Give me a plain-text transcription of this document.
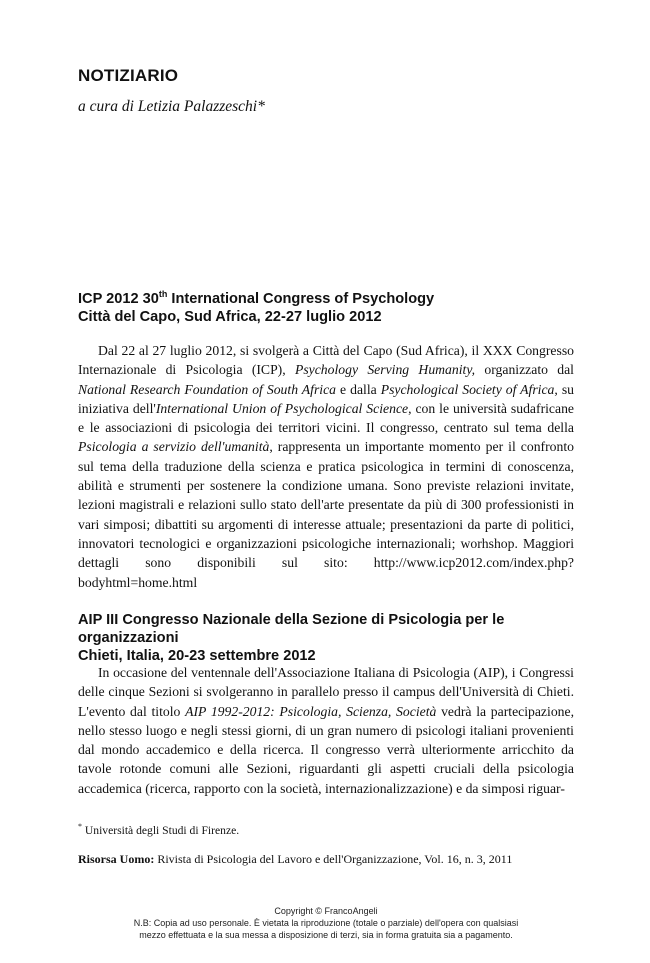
NOTIZIARIO
a cura di Letizia Palazzeschi*
ICP 2012 30th International Congress of Psychology
Città del Capo, Sud Africa, 22-27 luglio 2012

Dal 22 al 27 luglio 2012, si svolgerà a Città del Capo (Sud Africa), il XXX Congresso Internazionale di Psicologia (ICP), Psychology Serving Humanity, organizzato dal National Research Foundation of South Africa e dalla Psychological Society of Africa, su iniziativa dell'International Union of Psychological Science, con le università sudafricane e le associazioni di psicologia dei territori vicini. Il congresso, centrato sul tema della Psicologia a servizio dell'umanità, rappresenta un importante momento per il confronto sul tema della traduzione della scienza e pratica psicologica in termini di conoscenza, abilità e strumenti per sostenere la condizione umana. Sono previste relazioni invitate, lezioni magistrali e relazioni sullo stato dell'arte presentate da più di 300 professionisti in vari simposi; dibattiti su argomenti di interesse attuale; presentazioni da parte di politici, innovatori tecnologici e organizzazioni psicologiche internazionali; worhshop. Maggiori dettagli sono disponibili sul sito: http://www.icp2012.com/index.php?bodyhtml=home.html

AIP III Congresso Nazionale della Sezione di Psicologia per le organizzazioni
Chieti, Italia, 20-23 settembre 2012

In occasione del ventennale dell'Associazione Italiana di Psicologia (AIP), i Congressi delle cinque Sezioni si svolgeranno in parallelo presso il campus dell'Università di Chieti. L'evento dal titolo AIP 1992-2012: Psicologia, Scienza, Società vedrà la partecipazione, nello stesso luogo e negli stessi giorni, di un gran numero di psicologi italiani provenienti dal mondo accademico e della ricerca. Il congresso verrà ulteriormente arricchito da tavole rotonde comuni alle Sezioni, riguardanti gli aspetti cruciali della psicologia accademica (ricerca, rapporto con la società, internazionalizzazione) e da simposi riguar-

* Università degli Studi di Firenze.
Risorsa Uomo: Rivista di Psicologia del Lavoro e dell'Organizzazione, Vol. 16, n. 3, 2011
Copyright © FrancoAngeli
N.B: Copia ad uso personale. È vietata la riproduzione (totale o parziale) dell'opera con qualsiasi
mezzo effettuata e la sua messa a disposizione di terzi, sia in forma gratuita sia a pagamento.
